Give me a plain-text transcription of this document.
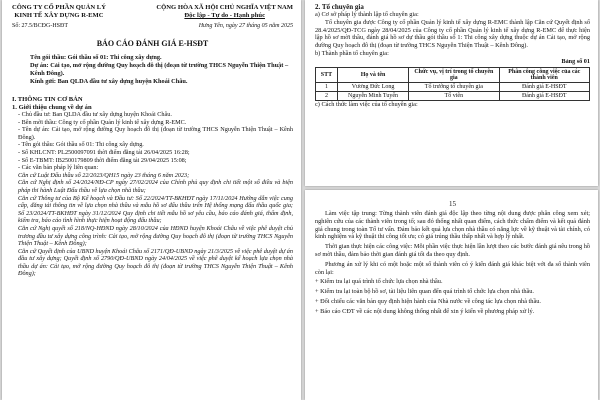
CÔNG TY CỔ PHẦN QUẢN LÝ
KINH TẾ XÂY DỰNG R-EMC
CỘNG HÒA XÃ HỘI CHỦ NGHĨA VIỆT NAM
Độc lập - Tự do - Hạnh phúc
Số: 27.5/BCĐG-HSĐT	Hưng Yên, ngày 27 tháng 05 năm 2025
BÁO CÁO ĐÁNH GIÁ E-HSĐT
Tên gói thầu: Gói thầu số 01: Thi công xây dựng.
Dự án: Cải tạo, mở rộng đường Quy hoạch đô thị (đoạn từ trường THCS Nguyễn Thiện Thuật – Kênh Đông).
Kính gửi: Ban QLDA đầu tư xây dựng huyện Khoái Châu.
I. THÔNG TIN CƠ BẢN
1. Giới thiệu chung về dự án
- Chủ đầu tư: Ban QLDA đầu tư xây dựng huyện Khoái Châu.
- Bên mời thầu: Công ty cổ phần Quản lý kinh tế xây dựng R-EMC.
- Tên dự án: Cải tạo, mở rộng đường Quy hoạch đô thị (đoạn từ trường THCS Nguyễn Thiện Thuật – Kênh Đông).
- Tên gói thầu: Gói thầu số 01: Thi công xây dựng.
- Số KHLCNT: PL2500097091 thời điểm đăng tải 26/04/2025 16:28;
- Số E-TBMT: IB2500179809 thời điểm đăng tải 29/04/2025 15:08;
- Các văn bản pháp lý liên quan:
Căn cứ Luật Đấu thầu số 22/2023/QH15 ngày 23 tháng 6 năm 2023;
Căn cứ Nghị định số 24/2024/NĐ-CP ngày 27/02/2024 của Chính phủ quy định chi tiết một số điều và biện pháp thi hành Luật Đấu thầu về lựa chọn nhà thầu;
Căn cứ Thông tư của Bộ Kế hoạch và Đầu tư: Số 22/2024/TT-BKHĐT ngày 17/11/2024 Hướng dẫn việc cung cấp, đăng tải thông tin về lựa chọn nhà thầu và mẫu hồ sơ đấu thầu trên Hệ thống mạng đấu thầu quốc gia; Số 23/2024/TT-BKHĐT ngày 31/12/2024 Quy định chi tiết mẫu hồ sơ yêu cầu, báo cáo đánh giá, thẩm định, kiểm tra, báo cáo tình hình thực hiện hoạt động đấu thầu;
Căn cứ Nghị quyết số 218/NQ-HĐND ngày 28/10/2024 của HĐND huyện Khoái Châu về việc phê duyệt chủ trương đầu tư xây dựng công trình: Cải tạo, mở rộng đường Quy hoạch đô thị (đoạn từ trường THCS Nguyễn Thiện Thuật – Kênh Đông);
Căn cứ Quyết định của UBND huyện Khoái Châu số 2171/QĐ-UBND ngày 21/3/2025 về việc phê duyệt dự án đầu tư xây dựng; Quyết định số 2790/QĐ-UBND ngày 24/04/2025 về việc phê duyệt kế hoạch lựa chọn nhà thầu dự án: Cải tạo, mở rộng đường Quy hoạch đô thị (đoạn từ trường THCS Nguyễn Thiện Thuật – Kênh Đông);
2. Tổ chuyên gia
a) Cơ sở pháp lý thành lập tổ chuyên gia:
Tổ chuyên gia được Công ty cổ phần Quản lý kinh tế xây dựng R-EMC thành lập Căn cứ Quyết định số 28.4/2025/QĐ-TCG ngày 28/04/2025 của Công ty cổ phần Quản lý kinh tế xây dựng R-EMC để thực hiện lập hồ sơ mời thầu, đánh giá hồ sơ dự thầu gói thầu số 1: Thi công xây dựng thuộc dự án Cải tạo, mở rộng đường Quy hoạch đô thị (đoạn từ trường THCS Nguyễn Thiện Thuật – Kênh Đông).
b) Thành phần tổ chuyên gia:
Bảng số 01
STT	Họ và tên	Chức vụ, vị trí trong tổ chuyên gia	Phân công công việc của các thành viên
1	Vương Đức Long	Tổ trưởng tổ chuyên gia	Đánh giá E-HSĐT
2	Nguyễn Minh Tuyến	Tổ viên	Đánh giá E-HSĐT
c) Cách thức làm việc của tổ chuyên gia:
15
Làm việc tập trung: Từng thành viên đánh giá độc lập theo từng nội dung được phân công xem xét; nghiên cứu của các thành viên trong tổ; sau đó thống nhất quan điểm, cách thức chấm điểm và kết quả đánh giá chung trong toàn Tổ tư vấn. Đảm bảo kết quả lựa chọn nhà thầu có năng lực về kỹ thuật và tài chính, có kinh nghiệm và kỹ thuật thi công tốt ưu; có giá trúng thầu thấp nhất và hợp lý nhất.
Thời gian thực hiện các công việc: Mỗi phần việc thực hiện lần lượt theo các bước đánh giá nêu trong hồ sơ mời thầu, đảm bảo thời gian đánh giá tối đa theo quy định.
Phương án xử lý khi có một hoặc một số thành viên có ý kiến đánh giá khác biệt với đa số thành viên còn lại:
+ Kiểm tra lại quá trình tổ chức lựa chọn nhà thầu.
+ Kiểm tra lại toàn bộ hồ sơ, tài liệu liên quan đến quá trình tổ chức lựa chọn nhà thầu.
+ Đối chiếu các văn bản quy định hiện hành của Nhà nước về công tác lựa chọn nhà thầu.
+ Báo cáo CĐT về các nội dung không thống nhất để xin ý kiến về phương pháp xử lý.
